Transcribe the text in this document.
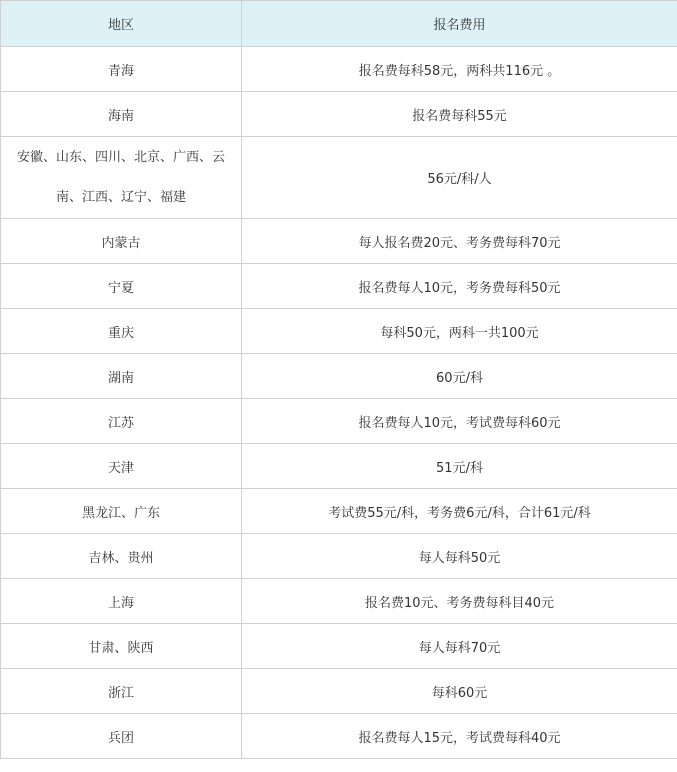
地区	报名费用
青海	报名费每科58元，两科共116元 。
海南	报名费每科55元
安徽、山东、四川、北京、广西、云南、江西、辽宁、福建	56元/科/人
内蒙古	每人报名费20元、考务费每科70元
宁夏	报名费每人10元，考务费每科50元
重庆	每科50元，两科一共100元
湖南	60元/科
江苏	报名费每人10元，考试费每科60元
天津	51元/科
黑龙江、广东	考试费55元/科，考务费6元/科，合计61元/科
吉林、贵州	每人每科50元
上海	报名费10元、考务费每科目40元
甘肃、陕西	每人每科70元
浙江	每科60元
兵团	报名费每人15元，考试费每科40元
